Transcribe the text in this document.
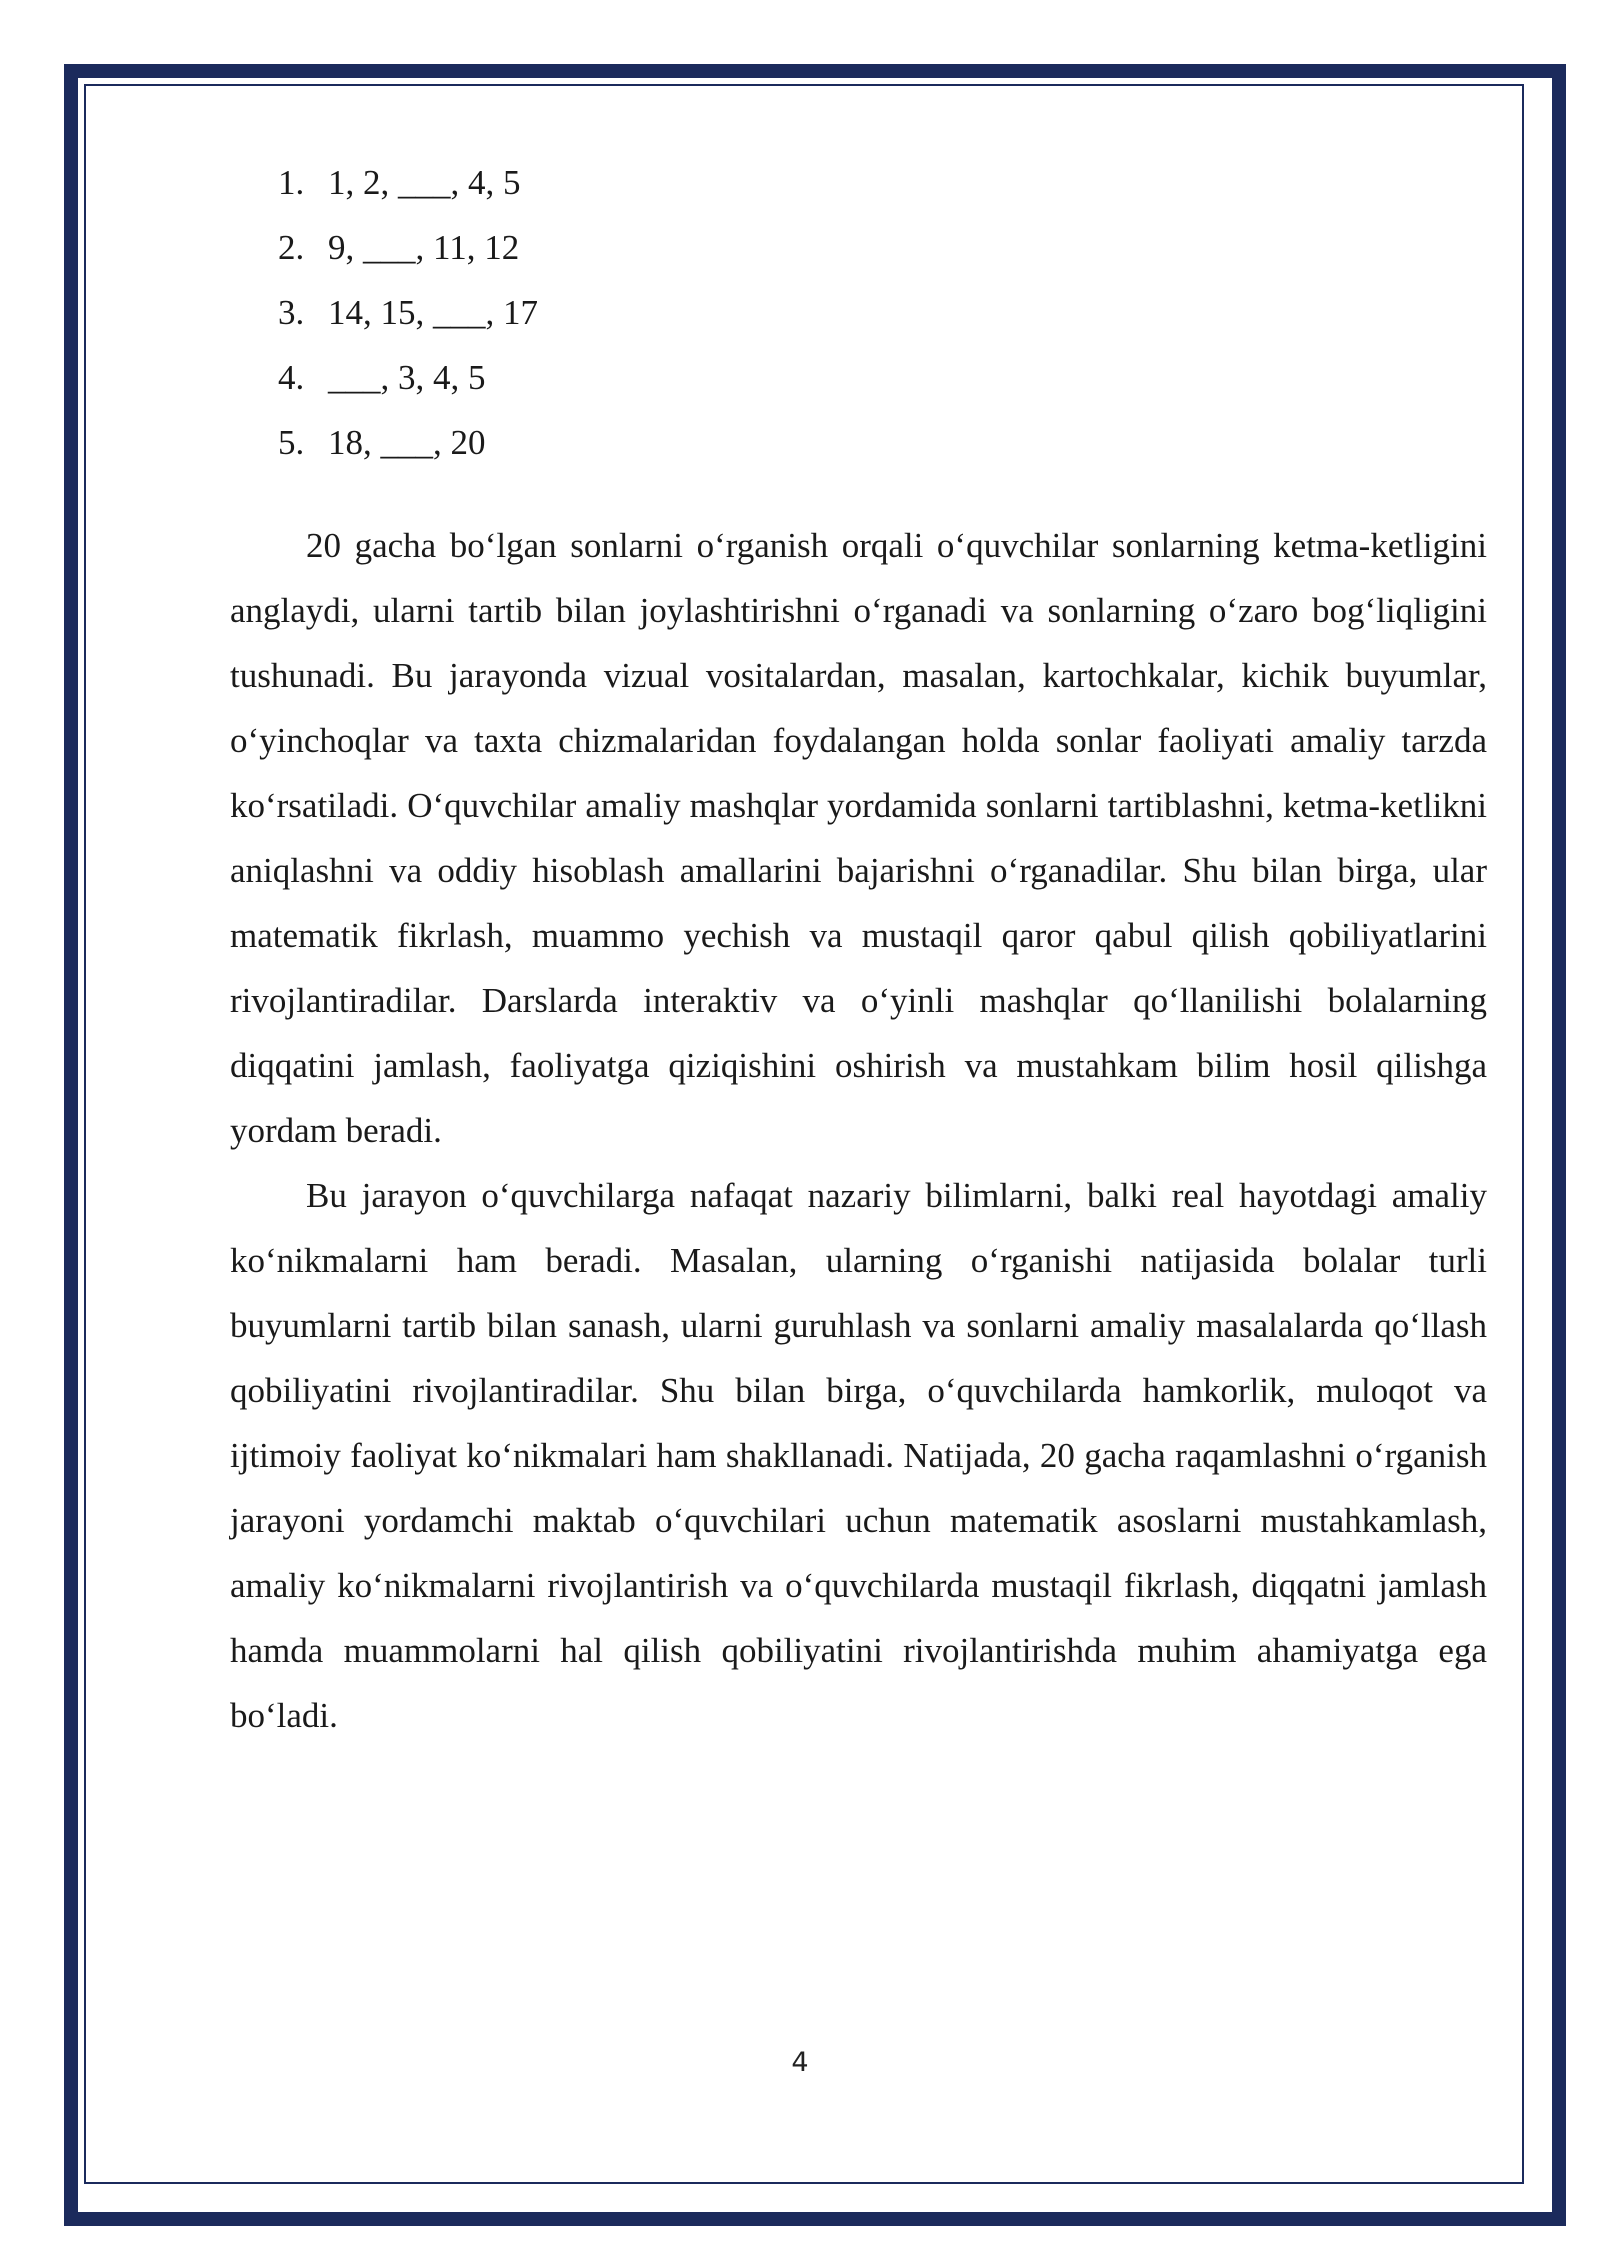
1. 1, 2, ___, 4, 5
2. 9, ___, 11, 12
3. 14, 15, ___, 17
4. ___, 3, 4, 5
5. 18, ___, 20

20 gacha bo‘lgan sonlarni o‘rganish orqali o‘quvchilar sonlarning ketma-ketligini anglaydi, ularni tartib bilan joylashtirishni o‘rganadi va sonlarning o‘zaro bog‘liqligini tushunadi. Bu jarayonda vizual vositalardan, masalan, kartochkalar, kichik buyumlar, o‘yinchoqlar va taxta chizmalaridan foydalangan holda sonlar faoliyati amaliy tarzda ko‘rsatiladi. O‘quvchilar amaliy mashqlar yordamida sonlarni tartiblashni, ketma-ketlikni aniqlashni va oddiy hisoblash amallarini bajarishni o‘rganadilar. Shu bilan birga, ular matematik fikrlash, muammo yechish va mustaqil qaror qabul qilish qobiliyatlarini rivojlantiradilar. Darslarda interaktiv va o‘yinli mashqlar qo‘llanilishi bolalarning diqqatini jamlash, faoliyatga qiziqishini oshirish va mustahkam bilim hosil qilishga yordam beradi.

Bu jarayon o‘quvchilarga nafaqat nazariy bilimlarni, balki real hayotdagi amaliy ko‘nikmalarni ham beradi. Masalan, ularning o‘rganishi natijasida bolalar turli buyumlarni tartib bilan sanash, ularni guruhlash va sonlarni amaliy masalalarda qo‘llash qobiliyatini rivojlantiradilar. Shu bilan birga, o‘quvchilarda hamkorlik, muloqot va ijtimoiy faoliyat ko‘nikmalari ham shakllanadi. Natijada, 20 gacha raqamlashni o‘rganish jarayoni yordamchi maktab o‘quvchilari uchun matematik asoslarni mustahkamlash, amaliy ko‘nikmalarni rivojlantirish va o‘quvchilarda mustaqil fikrlash, diqqatni jamlash hamda muammolarni hal qilish qobiliyatini rivojlantirishda muhim ahamiyatga ega bo‘ladi.

4
